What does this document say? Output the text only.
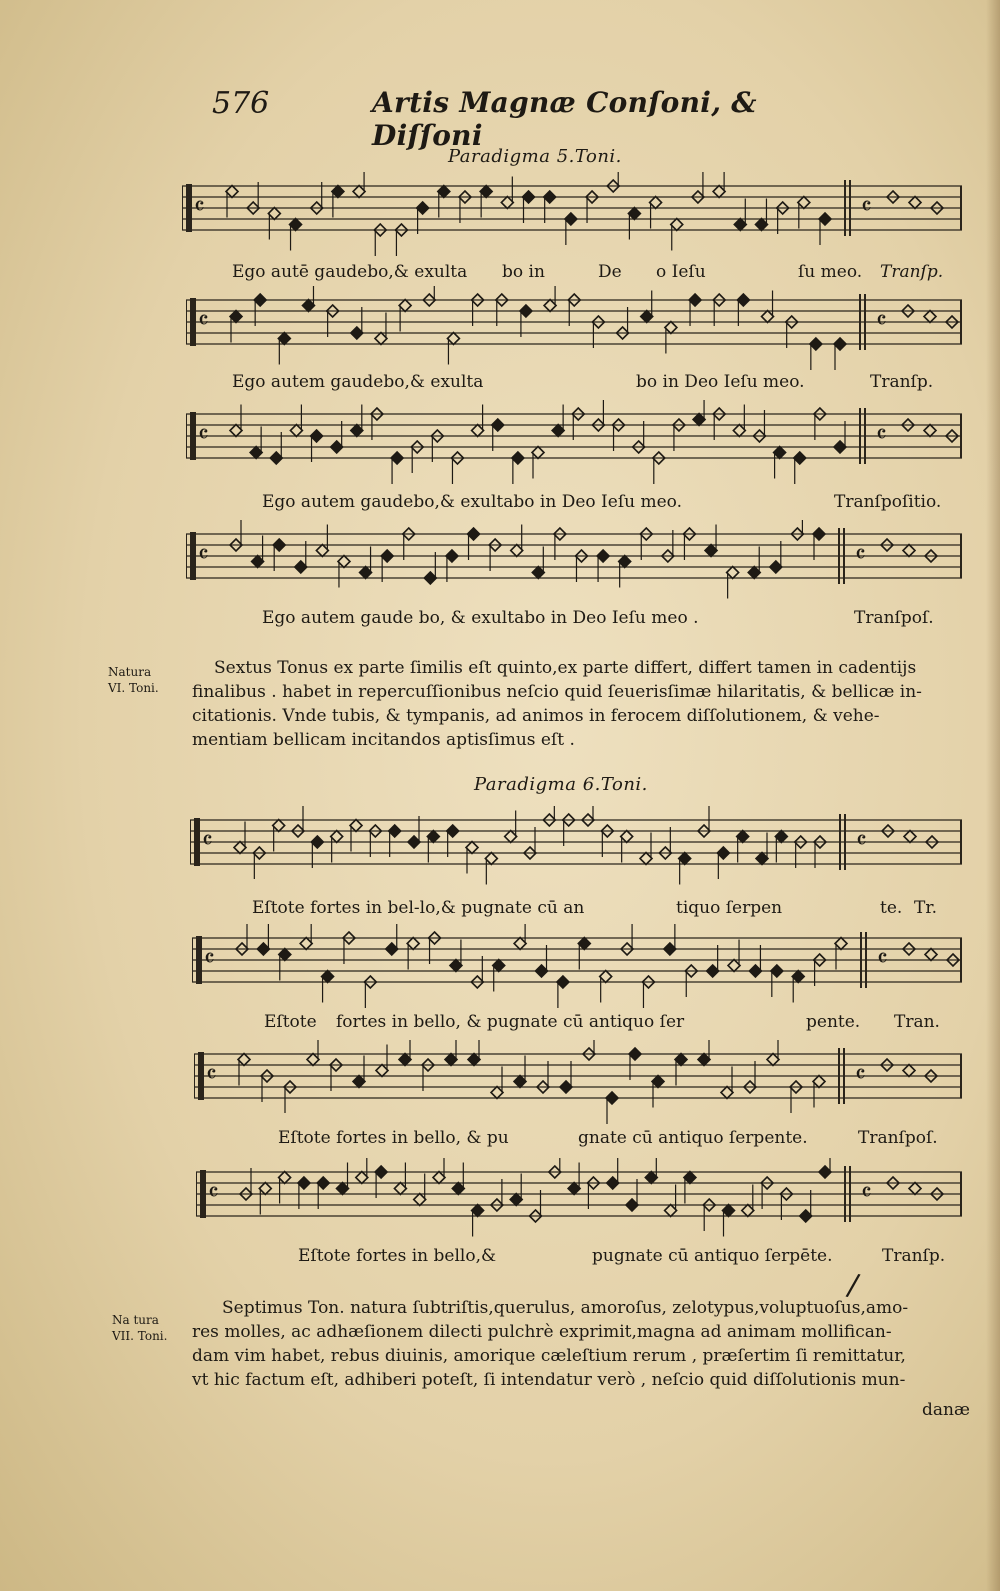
576	Artis Magnæ Conſoni, & Diſſoni
Paradigma 5.Toni.
𝄴	𝄴
Ego autē gaudebo,& exulta bo in	De o Ieſu	ſu meo. Tranſp.
𝄴	𝄴
Ego autem gaudebo,& exulta	bo in Deo Ieſu meo.	Tranſp.
𝄴	𝄴
Ego autem gaudebo,& exultabo in Deo Ieſu meo.	Tranſpoſitio.
𝄴	𝄴
Ego autem gaude bo, & exultabo in Deo Ieſu meo .	Tranſpoſ.
Natura
VI. Toni.
Sextus Tonus ex parte ſimilis eſt quinto,ex parte differt, differt tamen in cadentijs
finalibus . habet in repercuſſionibus neſcio quid ſeuerisſimæ hilaritatis, & bellicæ in-
citationis. Vnde tubis, & tympanis, ad animos in ferocem diſſolutionem, & vehe-
mentiam bellicam incitandos aptisſimus eſt .
Paradigma 6.Toni.
𝄴	𝄴
Eſtote fortes in bel-lo,& pugnate cū an	tiquo ſerpen	te. Tr.
𝄴	𝄴
Eſtote fortes in bello, & pugnate cū antiquo ſer	pente. Tran.
𝄴	𝄴
Eſtote fortes in bello, & pu	gnate cū antiquo ſerpente.	Tranſpoſ.
𝄴	𝄴
Eſtote fortes in bello,&	pugnate cū antiquo ſerpēte.	Tranſp.
/
Na tura
VII. Toni.
Septimus Ton. natura ſubtriſtis,querulus, amoroſus, zelotypus,voluptuoſus,amo-
res molles, ac adhæſionem dilecti pulchrè exprimit,magna ad animam mollifican-
dam vim habet, rebus diuinis, amorique cæleſtium rerum , præſertim ſi remittatur,
vt hic factum eſt, adhiberi poteſt, ſi intendatur verò , neſcio quid diſſolutionis mun-
danæ
